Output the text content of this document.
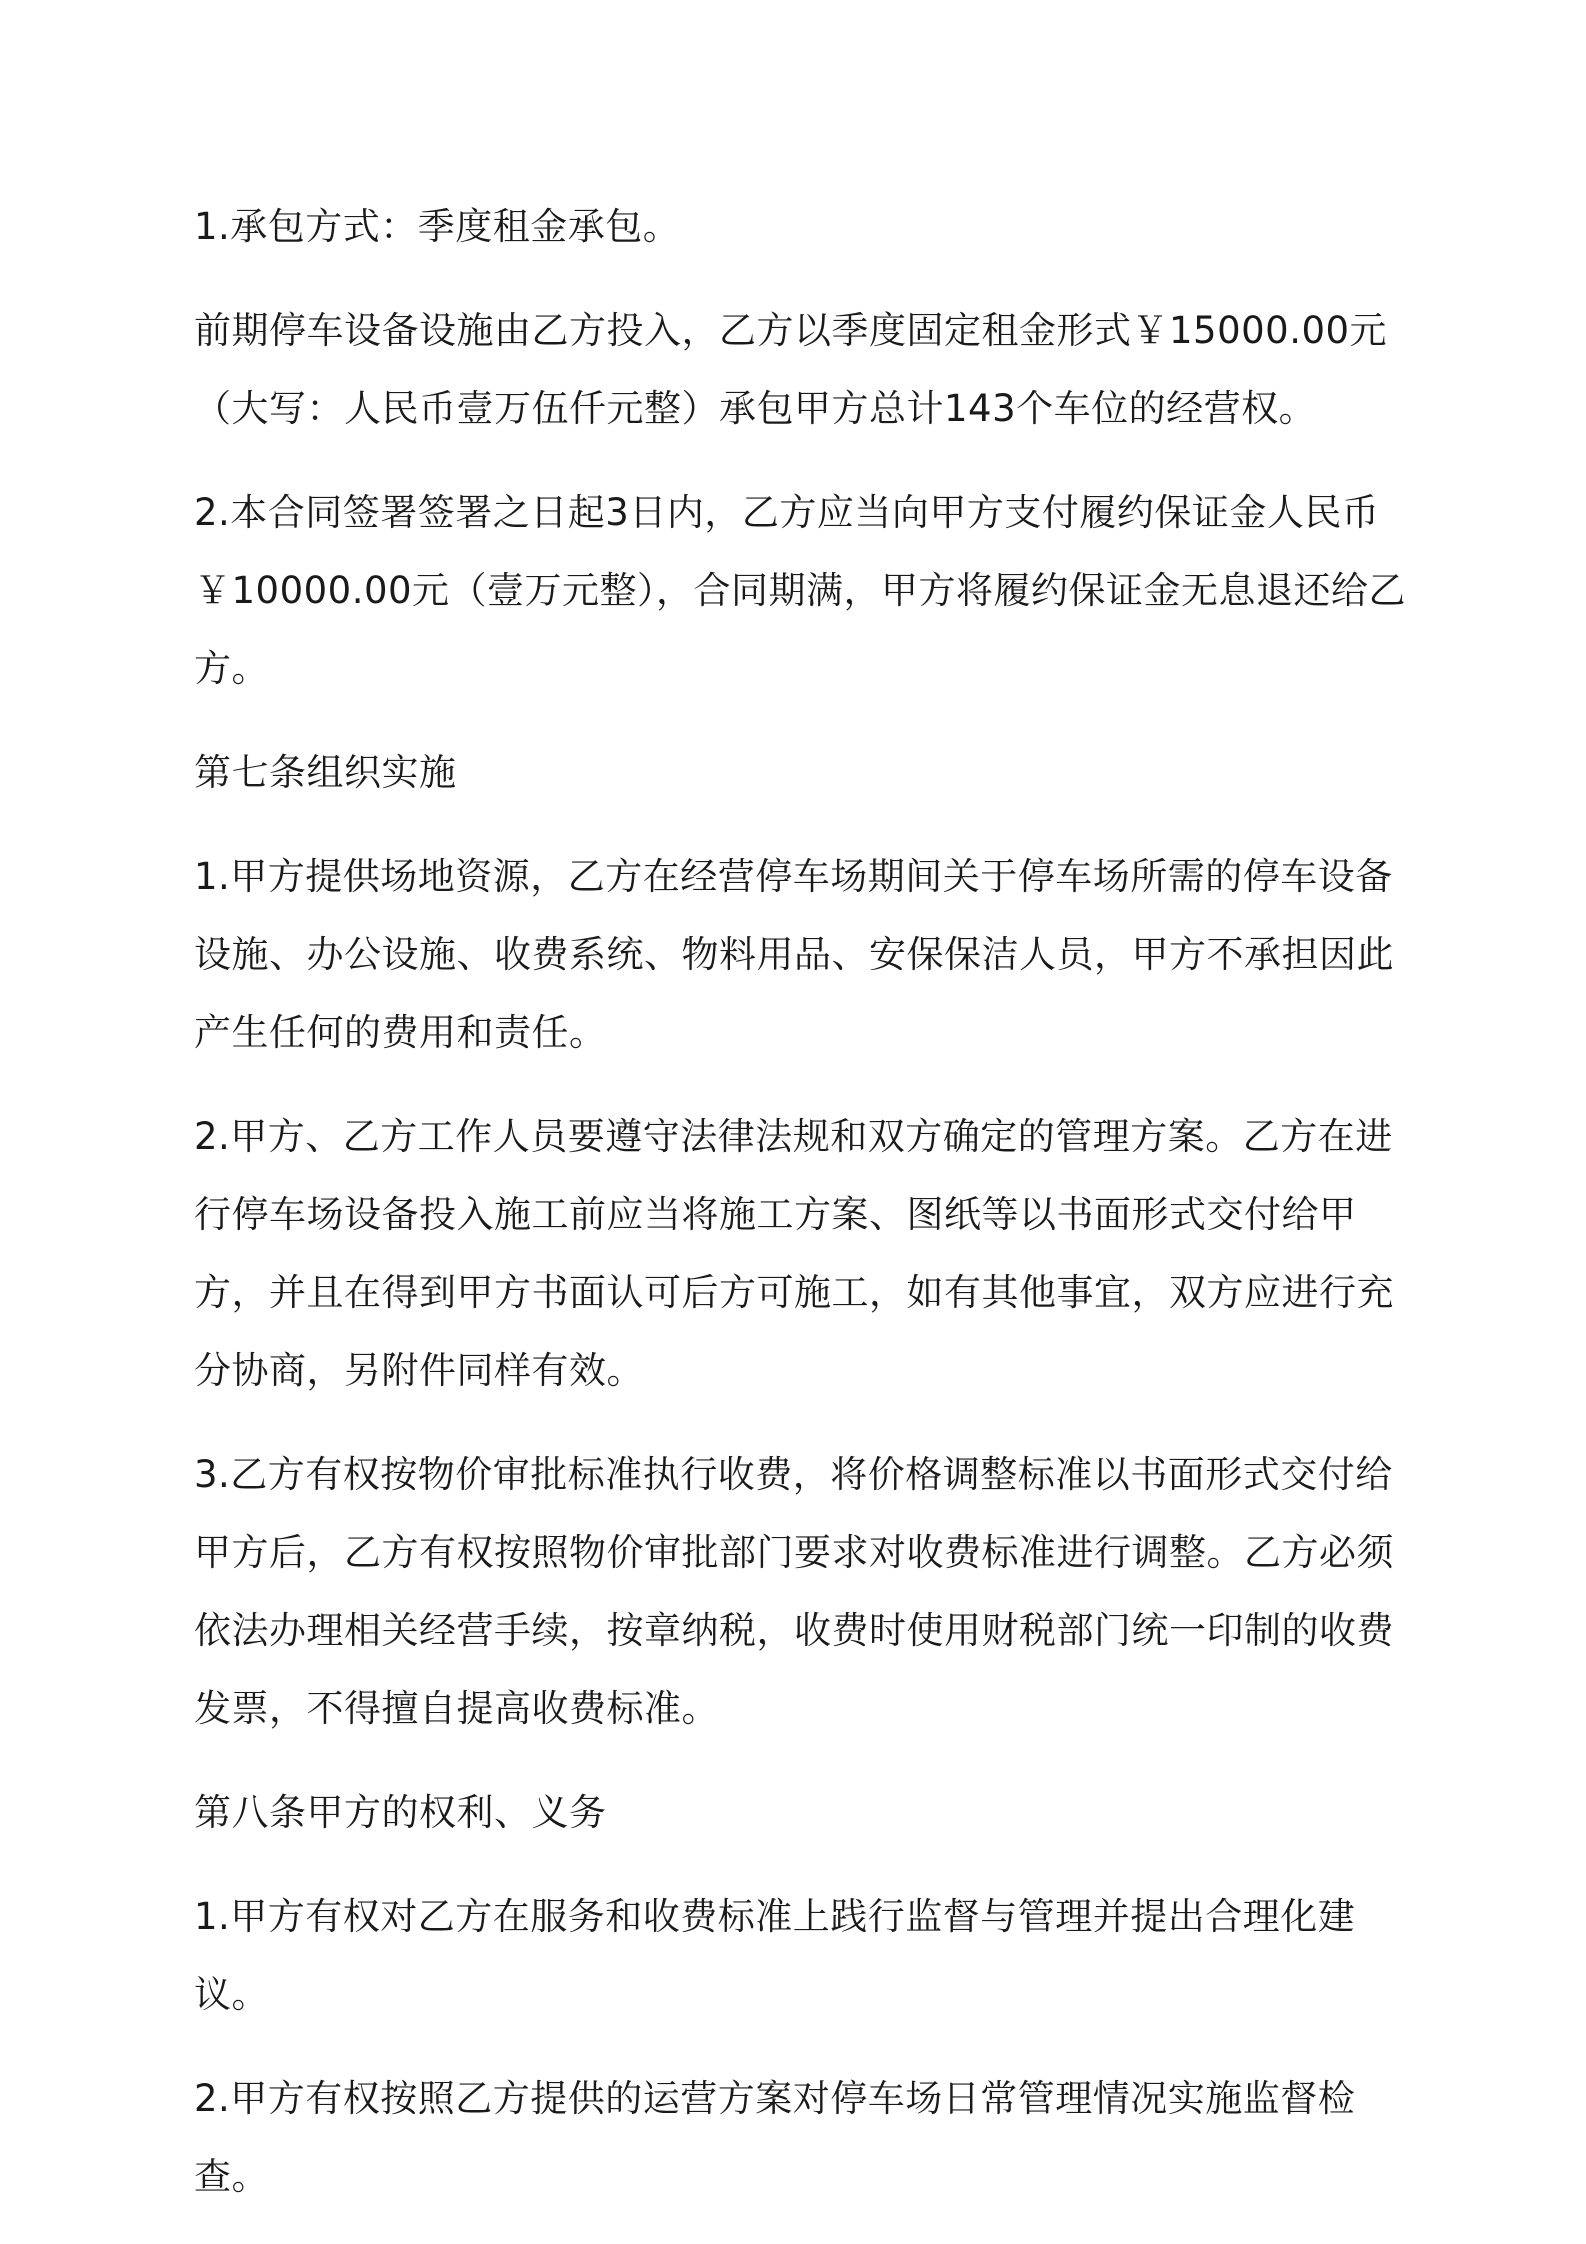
1.承包方式：季度租金承包。

前期停车设备设施由乙方投入，乙方以季度固定租金形式￥15000.00元（大写：人民币壹万伍仟元整）承包甲方总计143个车位的经营权。

2.本合同签署签署之日起3日内，乙方应当向甲方支付履约保证金人民币￥10000.00元（壹万元整），合同期满，甲方将履约保证金无息退还给乙方。

第七条组织实施

1.甲方提供场地资源，乙方在经营停车场期间关于停车场所需的停车设备设施、办公设施、收费系统、物料用品、安保保洁人员，甲方不承担因此产生任何的费用和责任。

2.甲方、乙方工作人员要遵守法律法规和双方确定的管理方案。乙方在进行停车场设备投入施工前应当将施工方案、图纸等以书面形式交付给甲方，并且在得到甲方书面认可后方可施工，如有其他事宜，双方应进行充分协商，另附件同样有效。

3.乙方有权按物价审批标准执行收费，将价格调整标准以书面形式交付给甲方后，乙方有权按照物价审批部门要求对收费标准进行调整。乙方必须依法办理相关经营手续，按章纳税，收费时使用财税部门统一印制的收费发票，不得擅自提高收费标准。

第八条甲方的权利、义务

1.甲方有权对乙方在服务和收费标准上践行监督与管理并提出合理化建议。

2.甲方有权按照乙方提供的运营方案对停车场日常管理情况实施监督检查。
